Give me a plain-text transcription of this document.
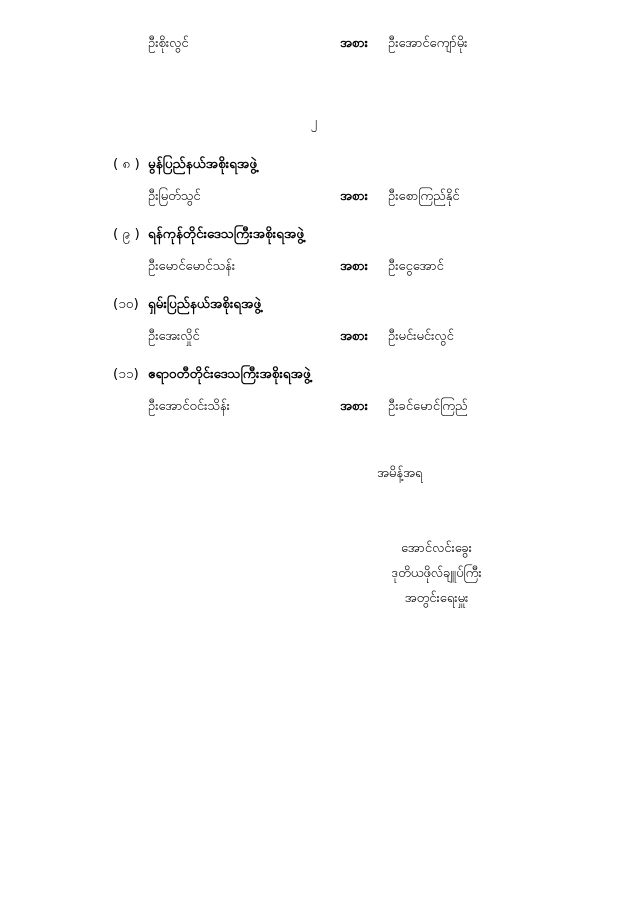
ဦးစိုးလွင်	အစား ဦးအောင်ကျော်မိုး
၂
( ၈ ) မွန်ပြည်နယ်အစိုးရအဖွဲ့
ဦးမြတ်သွင်	အစား ဦးစောကြည်နိုင်
( ၉ ) ရန်ကုန်တိုင်းဒေသကြီးအစိုးရအဖွဲ့
ဦးမောင်မောင်သန်း	အစား ဦးငွေအောင်
(၁၀) ရှမ်းပြည်နယ်အစိုးရအဖွဲ့
ဦးအေးလှိုင်	အစား ဦးမင်းမင်းလွင်
(၁၁) ဧရာဝတီတိုင်းဒေသကြီးအစိုးရအဖွဲ့
ဦးအောင်ဝင်းသိန်း	အစား ဦးခင်မောင်ကြည်
အမိန့်အရ
အောင်လင်းခွေး
ဒုတိယဖိုလ်ချူပ်ကြီး
အတွင်းရေးမှူး
